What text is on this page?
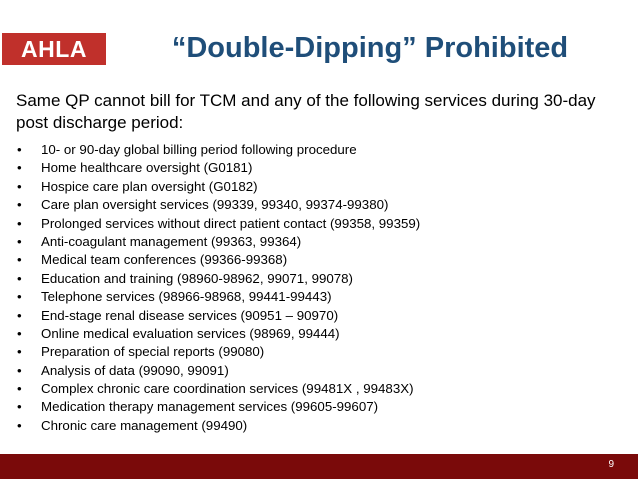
AHLA	“Double-Dipping” Prohibited
Same QP cannot bill for TCM and any of the following services during 30-day post discharge period:
• 10- or 90-day global billing period following procedure
• Home healthcare oversight (G0181)
• Hospice care plan oversight (G0182)
• Care plan oversight services (99339, 99340, 99374-99380)
• Prolonged services without direct patient contact (99358, 99359)
• Anti-coagulant management (99363, 99364)
• Medical team conferences (99366-99368)
• Education and training (98960-98962, 99071, 99078)
• Telephone services (98966-98968, 99441-99443)
• End-stage renal disease services (90951 – 90970)
• Online medical evaluation services (98969, 99444)
• Preparation of special reports (99080)
• Analysis of data (99090, 99091)
• Complex chronic care coordination services (99481X , 99483X)
• Medication therapy management services (99605-99607)
• Chronic care management (99490)
9
